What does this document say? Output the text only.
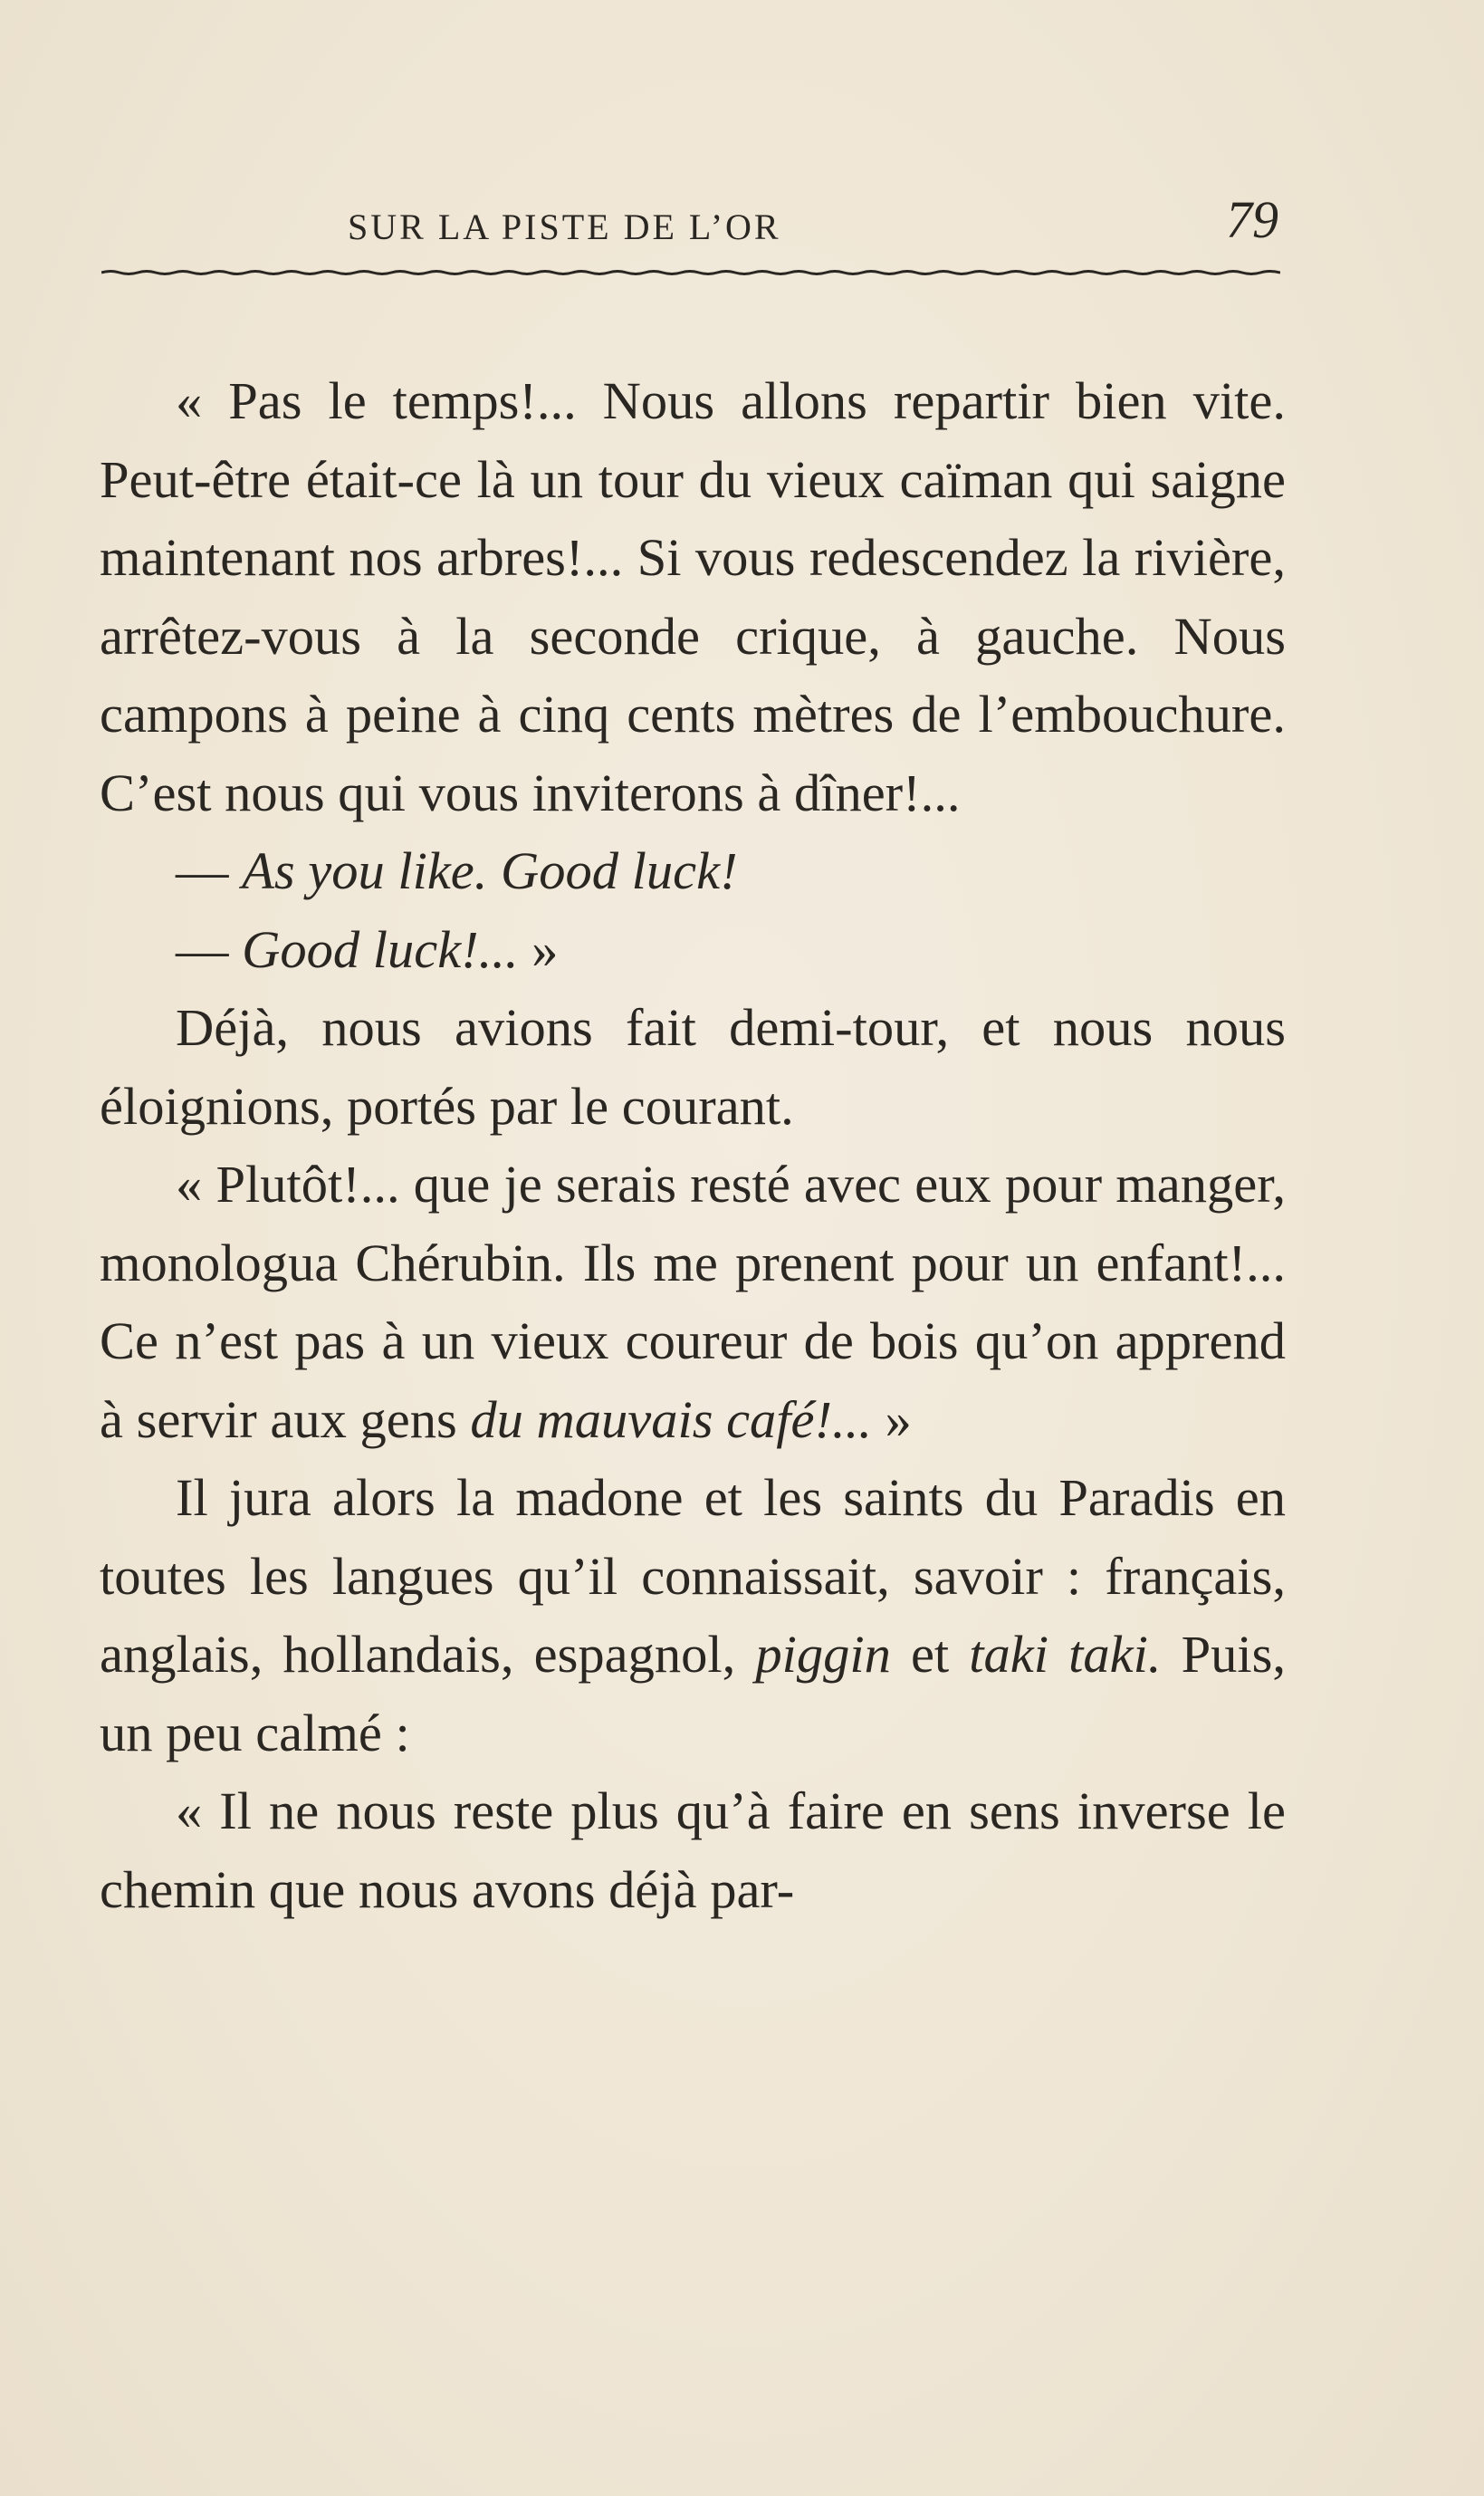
SUR LA PISTE DE L’OR	79

« Pas le temps!... Nous allons repartir bien vite. Peut-être était-ce là un tour du vieux caïman qui saigne maintenant nos arbres!... Si vous redescendez la rivière, arrêtez-vous à la seconde crique, à gauche. Nous campons à peine à cinq cents mètres de l’embouchure. C’est nous qui vous inviterons à dîner!...

— As you like. Good luck!

— Good luck!... »

Déjà, nous avions fait demi-tour, et nous nous éloignions, portés par le courant.

« Plutôt!... que je serais resté avec eux pour manger, monologua Chérubin. Ils me prenent pour un enfant!... Ce n’est pas à un vieux coureur de bois qu’on apprend à servir aux gens du mauvais café!... »

Il jura alors la madone et les saints du Paradis en toutes les langues qu’il connaissait, savoir : français, anglais, hollandais, espagnol, piggin et taki taki. Puis, un peu calmé :

« Il ne nous reste plus qu’à faire en sens inverse le chemin que nous avons déjà par-
